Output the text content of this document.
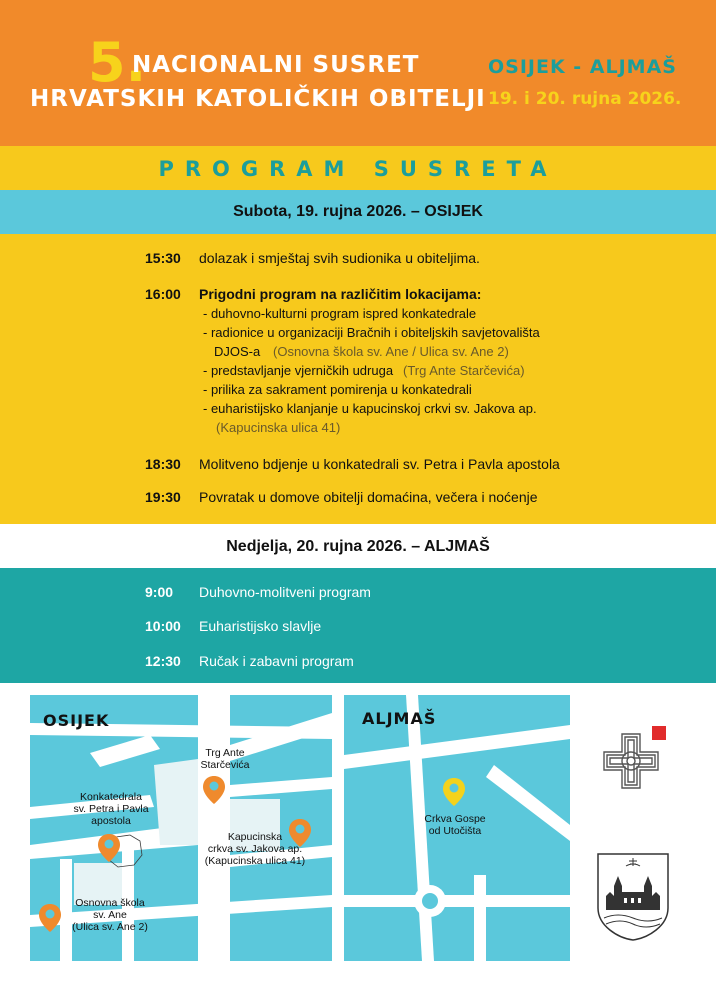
5.
NACIONALNI SUSRET
HRVATSKIH KATOLIČKIH OBITELJI
OSIJEK - ALJMAŠ
19. i 20. rujna 2026.
PROGRAM SUSRETA
Subota, 19. rujna 2026. – OSIJEK
15:30 dolazak i smještaj svih sudionika u obiteljima.
16:00 Prigodni program na različitim lokacijama:
- duhovno-kulturni program ispred konkatedrale
- radionice u organizaciji Bračnih i obiteljskih savjetovališta
DJOS-a (Osnovna škola sv. Ane / Ulica sv. Ane 2)
- predstavljanje vjerničkih udruga (Trg Ante Starčevića)
- prilika za sakrament pomirenja u konkatedrali
- euharistijsko klanjanje u kapucinskoj crkvi sv. Jakova ap.
(Kapucinska ulica 41)
18:30 Molitveno bdjenje u konkatedrali sv. Petra i Pavla apostola
19:30 Povratak u domove obitelji domaćina, večera i noćenje
Nedjelja, 20. rujna 2026. – ALJMAŠ
9:00 Duhovno-molitveni program
10:00 Euharistijsko slavlje
12:30 Ručak i zabavni program
OSIJEK
Trg Ante
Starčevića
Konkatedrala
sv. Petra i Pavla
apostola
Kapucinska
crkva sv. Jakova ap.
(Kapucinska ulica 41)
Osnovna škola
sv. Ane
(Ulica sv. Ane 2)
ALJMAŠ
Crkva Gospe
od Utočišta
